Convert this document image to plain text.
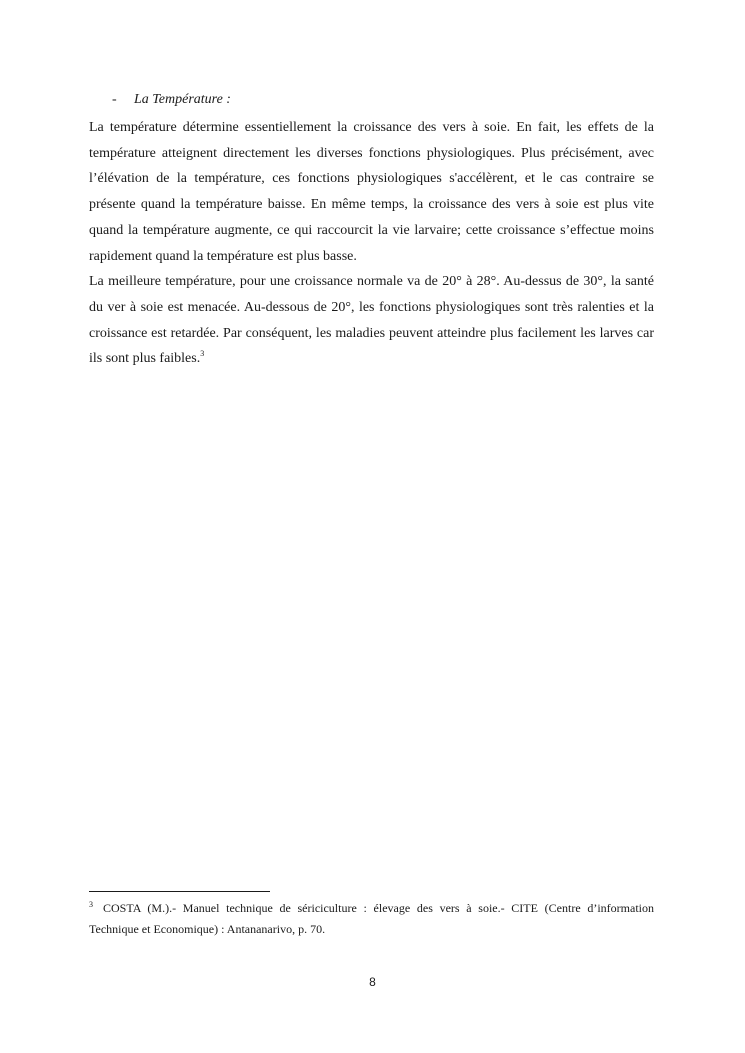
- La Température :

La température détermine essentiellement la croissance des vers à soie. En fait, les effets de la température atteignent directement les diverses fonctions physiologiques. Plus précisément, avec l’élévation de la température, ces fonctions physiologiques s'accélèrent, et le cas contraire se présente quand la température baisse. En même temps, la croissance des vers à soie est plus vite quand la température augmente, ce qui raccourcit la vie larvaire; cette croissance s’effectue moins rapidement quand la température est plus basse.

La meilleure température, pour une croissance normale va de 20° à 28°. Au-dessus de 30°, la santé du ver à soie est menacée. Au-dessous de 20°, les fonctions physiologiques sont très ralenties et la croissance est retardée. Par conséquent, les maladies peuvent atteindre plus facilement les larves car ils sont plus faibles.$^3$

$^3$ COSTA (M.).- Manuel technique de sériciculture : élevage des vers à soie.- CITE (Centre d’information Technique et Economique) : Antananarivo, p. 70.
8
